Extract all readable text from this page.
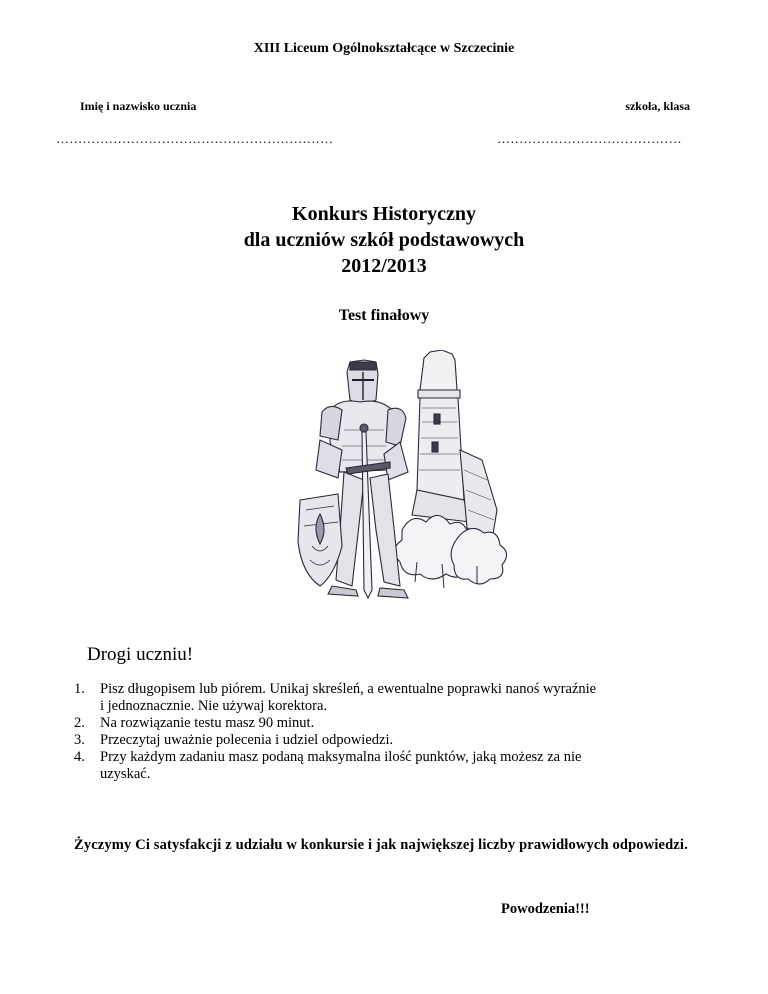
XIII Liceum Ogólnokształcące w Szczecinie
Imię i nazwisko ucznia	szkoła, klasa
………………………………………………………	……………………………………
Konkurs Historyczny
dla uczniów szkół podstawowych
2012/2013
Test finałowy
Drogi uczniu!
1. Pisz długopisem lub piórem. Unikaj skreśleń, a ewentualne poprawki nanoś wyraźnie
i jednoznacznie. Nie używaj korektora.
2. Na rozwiązanie testu masz 90 minut.
3. Przeczytaj uważnie polecenia i udziel odpowiedzi.
4. Przy każdym zadaniu masz podaną maksymalna ilość punktów, jaką możesz za nie
uzyskać.
Życzymy Ci satysfakcji z udziału w konkursie i jak największej liczby prawidłowych odpowiedzi.
Powodzenia!!!
